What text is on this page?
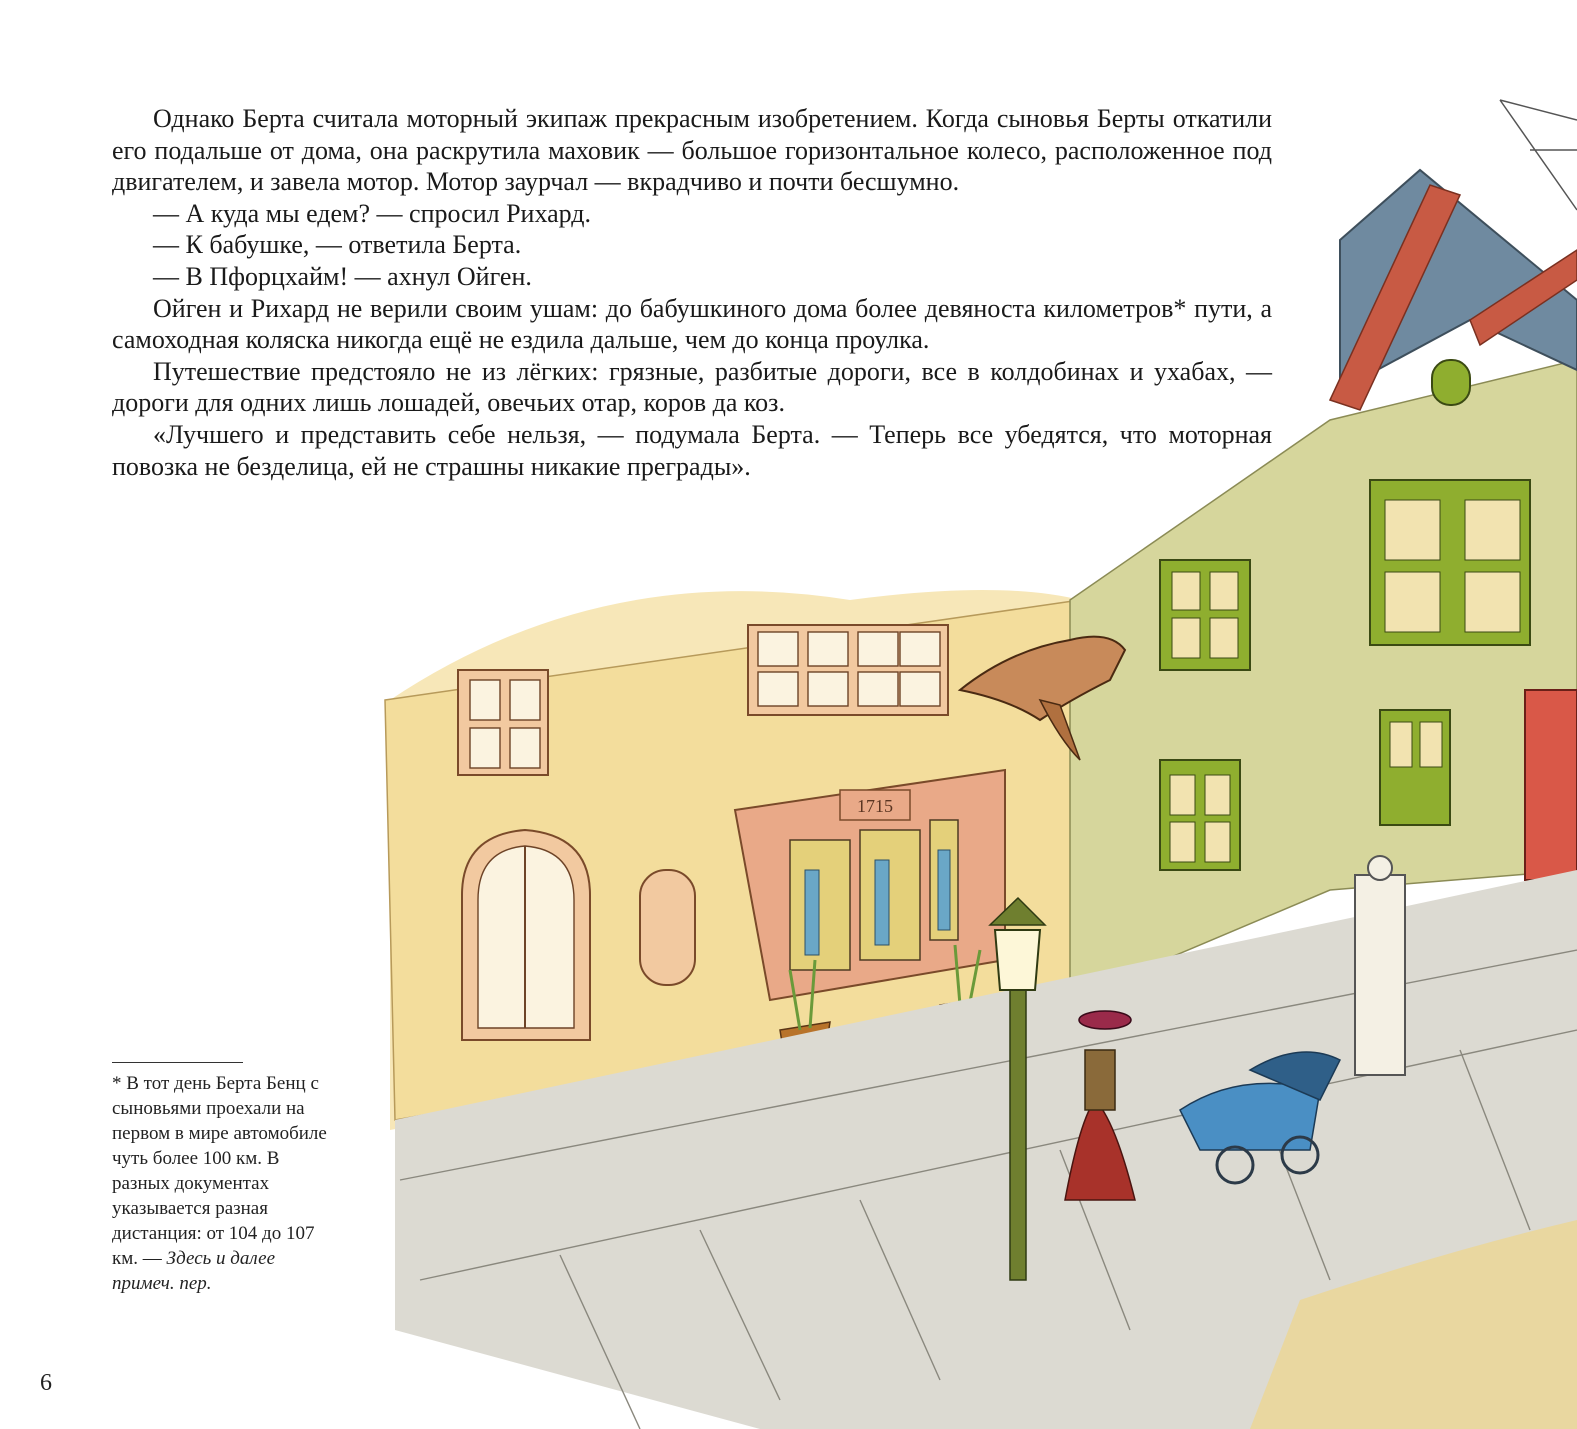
1715

Однако Берта считала моторный экипаж прекрасным изобретением. Когда сыновья Берты откатили его подальше от дома, она раскрутила маховик — большое горизонтальное колесо, расположенное под двигателем, и завела мотор. Мотор заурчал — вкрадчиво и почти бесшумно.

— А куда мы едем? — спросил Рихард.

— К бабушке, — ответила Берта.

— В Пфорцхайм! — ахнул Ойген.

Ойген и Рихард не верили своим ушам: до бабушкиного дома более девяноста километров* пути, а самоходная коляска никогда ещё не ездила дальше, чем до конца проулка.

Путешествие предстояло не из лёгких: грязные, разбитые дороги, все в колдобинах и ухабах, — дороги для одних лишь лошадей, овечьих отар, коров да коз.

«Лучшего и представить себе нельзя, — подумала Берта. — Теперь все убедятся, что моторная повозка не безделица, ей не страшны никакие преграды».

* В тот день Берта Бенц с сыновьями проехали на первом в мире автомобиле чуть более 100 км. В разных документах указывается разная дистанция: от 104 до 107 км. — Здесь и далее примеч. пер.
6
